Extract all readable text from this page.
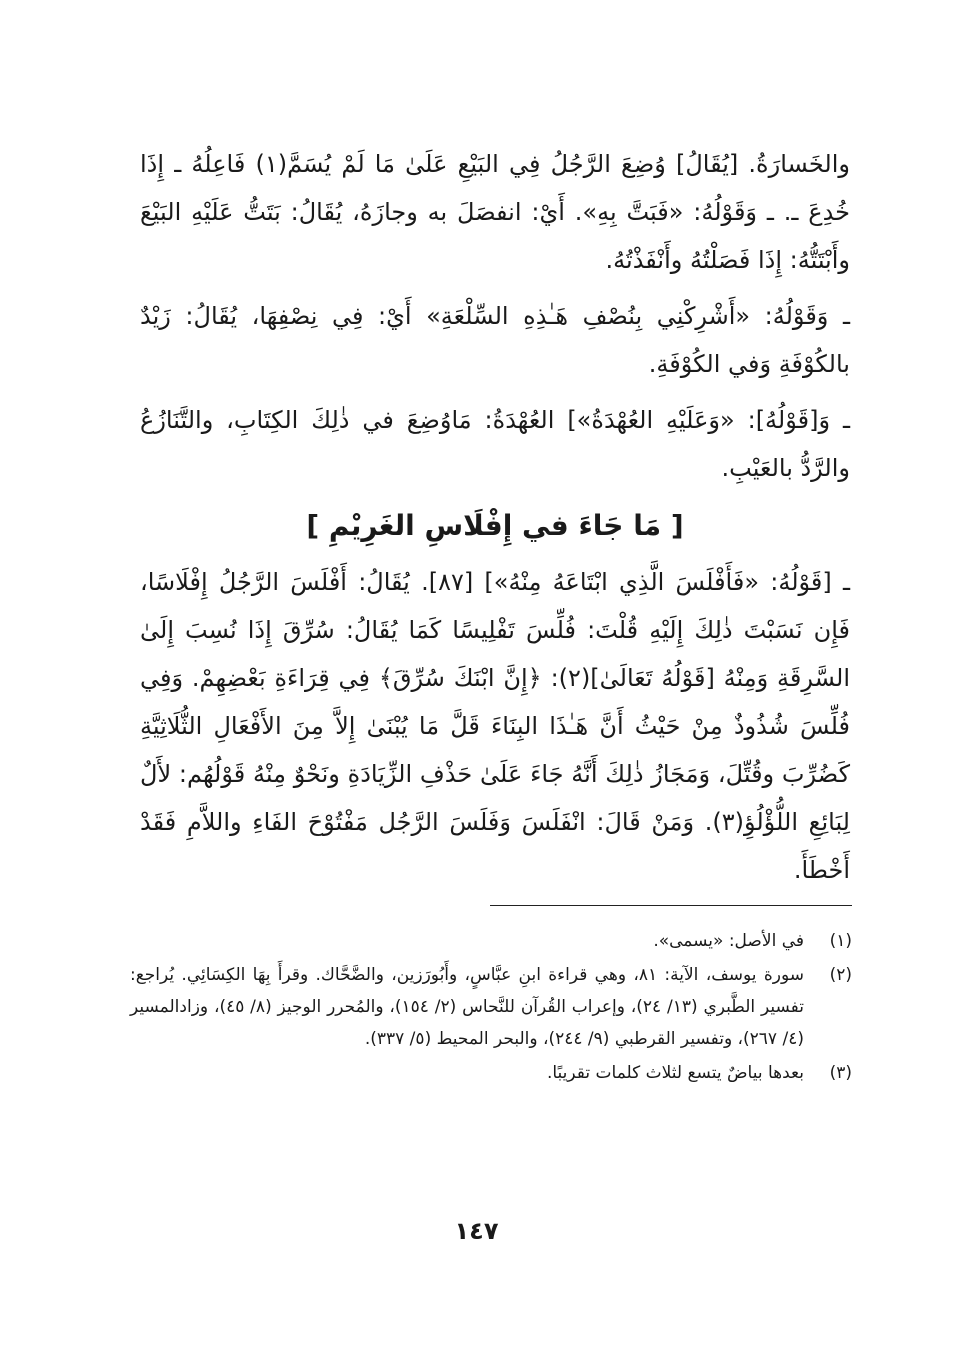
والخَسارَةُ. [يُقَالُ] وُضِعَ الرَّجُلُ فِي البَيْعِ عَلَىٰ مَا لَمْ يُسَمَّ(١) فَاعِلُهُ ـ إِذَا خُدِعَ ـ. ـ وَقَوْلُهُ: «فَبَتَّ بِهِ». أَيْ: انفصَلَ به وجازَهُ، يُقَالُ: بَتَتُّ عَلَيْهِ البَيْعَ وأَبْتَتُّهُ: إِذَا فَصَلْتُهُ وأَنْفَذْتُهُ.

ـ وَقَوْلُهُ: «أَشْرِكْنِي بِنُصْفِ هَـٰذِهِ السِّلْعَةِ» أَيْ: فِي نِصْفِهَا، يُقَالُ: زَيْدٌ بالكُوْفَةِ وَفي الكُوْفَةِ.

ـ وَ[قَوْلُهُ]: «وَعَلَيْهِ العُهْدَةُ»] العُهْدَةُ: مَاوُضِعَ في ذٰلِكَ الكِتَابِ، والتَّنَازُعُ والرَّدُّ بالعَيْبِ.

[ مَا جَاءَ في إِفْلَاسِ الغَرِيْمِ ]

ـ [قَوْلُهُ: «فَأَفْلَسَ الَّذِي ابْتَاعَهُ مِنْهُ»] [٨٧]. يُقَالُ: أَفْلَسَ الرَّجُلُ إِفْلَاسًا، فَإِن نَسَبْتَ ذٰلِكَ إِلَيْهِ قُلْتَ: فُلِّسَ تَفْلِيسًا كَمَا يُقَالُ: سُرِّقَ إِذَا نُسِبَ إِلَىٰ السَّرِقَةِ وَمِنْهُ [قَوْلُهُ تَعَالَىٰ](٢): ﴿إِنَّ ابْنَكَ سُرِّقَ﴾ فِي قِرَاءَةِ بَعْضِهِمْ. وَفِي فُلِّسَ شُذُوذٌ مِنْ حَيْثُ أَنَّ هَـٰذَا البِنَاءَ قَلَّ مَا يُبْنَىٰ إِلاَّ مِنَ الأَفْعَالِ الثُّلَاثِيَّةِ كَضُرِّبَ وقُتِّلَ، وَمَجَازُ ذٰلِكَ أَنَّهُ جَاءَ عَلَىٰ حَذْفِ الزِّيَادَةِ ونَحْوٌ مِنْهُ قَوْلُهُم: لأَلٌ لِبَائِعِ اللُّؤْلُؤِ(٣). وَمَنْ قَالَ: انْفَلَسَ وَفَلَسَ الرَّجُل مَفْتُوْحَ الفَاءِ واللاَّمِ فَقَدْ أَخْطَأَ.

(١)
في الأصل: «يسمى».
(٢)
سورة يوسف، الآية: ٨١، وهي قراءة ابنِ عبَّاسٍ، وأَبُورَزين، والضَّحَّاك. وقرأَ بِهَا الكِسَائِي. يُراجع: تفسير الطَّبري (١٣/ ٢٤)، وإعراب القُرآن للنَّحاس (٢/ ١٥٤)، والمُحرر الوجيز (٨/ ٤٥)، وزادالمسير (٤/ ٢٦٧)، وتفسير القرطبي (٩/ ٢٤٤)، والبحر المحيط (٥/ ٣٣٧).
(٣)
بعدها بياضٌ يتسع لثلاث كلمات تقريبًا.
١٤٧
